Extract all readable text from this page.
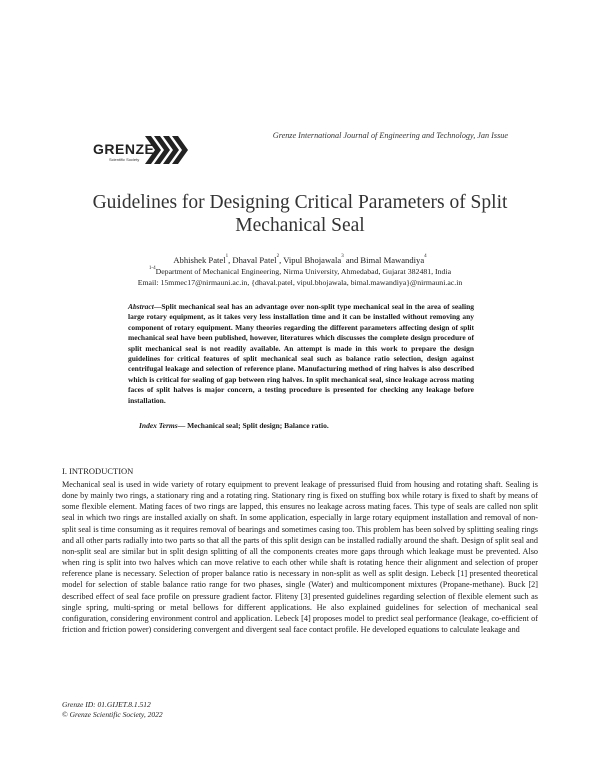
Grenze International Journal of Engineering and Technology, Jan Issue
GRENZE
Scientific Society
Guidelines for Designing Critical Parameters of Split Mechanical Seal
Abhishek Patel$^1$, Dhaval Patel$^2$, Vipul Bhojawala$^3$ and Bimal Mawandiya$^4$
$^{1-4}$Department of Mechanical Engineering, Nirma University, Ahmedabad, Gujarat 382481, India
Email: 15mmec17@nirmauni.ac.in, {dhaval.patel, vipul.bhojawala, bimal.mawandiya}@nirmauni.ac.in

Abstract—Split mechanical seal has an advantage over non-split type mechanical seal in the area of sealing large rotary equipment, as it takes very less installation time and it can be installed without removing any component of rotary equipment. Many theories regarding the different parameters affecting design of split mechanical seal have been published, however, literatures which discusses the complete design procedure of split mechanical seal is not readily available. An attempt is made in this work to prepare the design guidelines for critical features of split mechanical seal such as balance ratio selection, design against centrifugal leakage and selection of reference plane. Manufacturing method of ring halves is also described which is critical for sealing of gap between ring halves. In split mechanical seal, since leakage across mating faces of split halves is major concern, a testing procedure is presented for checking any leakage before installation.

Index Terms— Mechanical seal; Split design; Balance ratio.

I. INTRODUCTION

Mechanical seal is used in wide variety of rotary equipment to prevent leakage of pressurised fluid from housing and rotating shaft. Sealing is done by mainly two rings, a stationary ring and a rotating ring. Stationary ring is fixed on stuffing box while rotary is fixed to shaft by means of some flexible element. Mating faces of two rings are lapped, this ensures no leakage across mating faces. This type of seals are called non split seal in which two rings are installed axially on shaft. In some application, especially in large rotary equipment installation and removal of non- split seal is time consuming as it requires removal of bearings and sometimes casing too. This problem has been solved by splitting sealing rings and all other parts radially into two parts so that all the parts of this split design can be installed radially around the shaft. Design of split seal and non-split seal are similar but in split design splitting of all the components creates more gaps through which leakage must be prevented. Also when ring is split into two halves which can move relative to each other while shaft is rotating hence their alignment and selection of proper reference plane is necessary. Selection of proper balance ratio is necessary in non-split as well as split design. Lebeck [1] presented theoretical model for selection of stable balance ratio range for two phases, single (Water) and multicomponent mixtures (Propane-methane). Buck [2] described effect of seal face profile on pressure gradient factor. Fliteny [3] presented guidelines regarding selection of flexible element such as single spring, multi-spring or metal bellows for different applications. He also explained guidelines for selection of mechanical seal configuration, considering environment control and application. Lebeck [4] proposes model to predict seal performance (leakage, co-efficient of friction and friction power) considering convergent and divergent seal face contact profile. He developed equations to calculate leakage and

Grenze ID: 01.GIJET.8.1.512
© Grenze Scientific Society, 2022
